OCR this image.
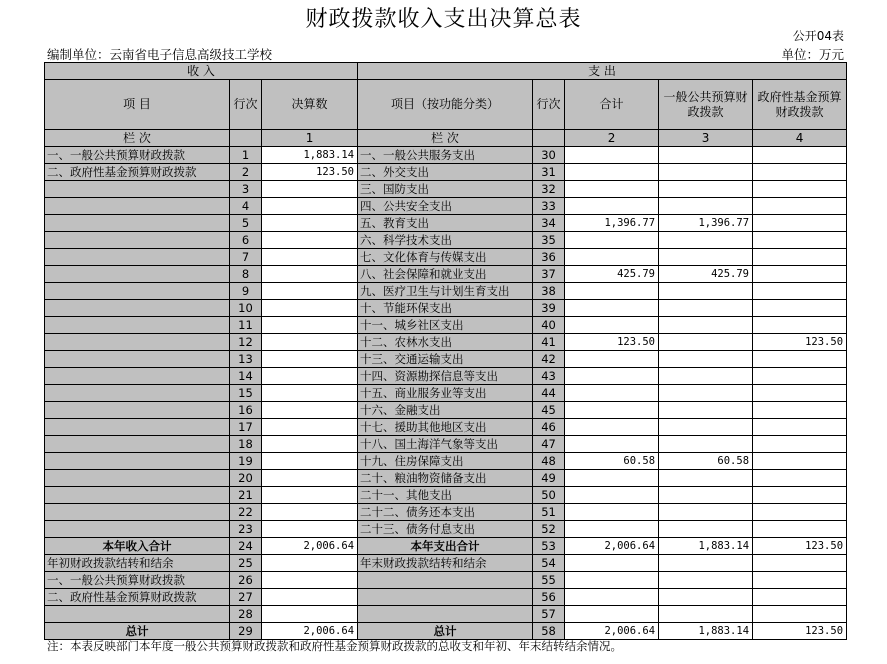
财政拨款收入支出决算总表
公开04表
编制单位：云南省电子信息高级技工学校	单位：万元
收 入			支 出				
项 目	行次	决算数	项目（按功能分类）	行次	合计	一般公共预算财政拨款	政府性基金预算财政拨款
栏 次		1	栏 次		2	3	4
一、一般公共预算财政拨款	1	1,883.14	一、一般公共服务支出	30			
二、政府性基金预算财政拨款	2	123.50	二、外交支出	31			
	3		三、国防支出	32			
	4		四、公共安全支出	33			
	5		五、教育支出	34	1,396.77	1,396.77	
	6		六、科学技术支出	35			
	7		七、文化体育与传媒支出	36			
	8		八、社会保障和就业支出	37	425.79	425.79	
	9		九、医疗卫生与计划生育支出	38			
	10		十、节能环保支出	39			
	11		十一、城乡社区支出	40			
	12		十二、农林水支出	41	123.50		123.50
	13		十三、交通运输支出	42			
	14		十四、资源勘探信息等支出	43			
	15		十五、商业服务业等支出	44			
	16		十六、金融支出	45			
	17		十七、援助其他地区支出	46			
	18		十八、国土海洋气象等支出	47			
	19		十九、住房保障支出	48	60.58	60.58	
	20		二十、粮油物资储备支出	49			
	21		二十一、其他支出	50			
	22		二十二、债务还本支出	51			
	23		二十三、债务付息支出	52			
本年收入合计	24	2,006.64	本年支出合计	53	2,006.64	1,883.14	123.50
年初财政拨款结转和结余	25		年末财政拨款结转和结余	54			
一、一般公共预算财政拨款	26			55			
二、政府性基金预算财政拨款	27			56			
	28			57			
总计	29	2,006.64	总计	58	2,006.64	1,883.14	123.50
注：本表反映部门本年度一般公共预算财政拨款和政府性基金预算财政拨款的总收支和年初、年末结转结余情况。
